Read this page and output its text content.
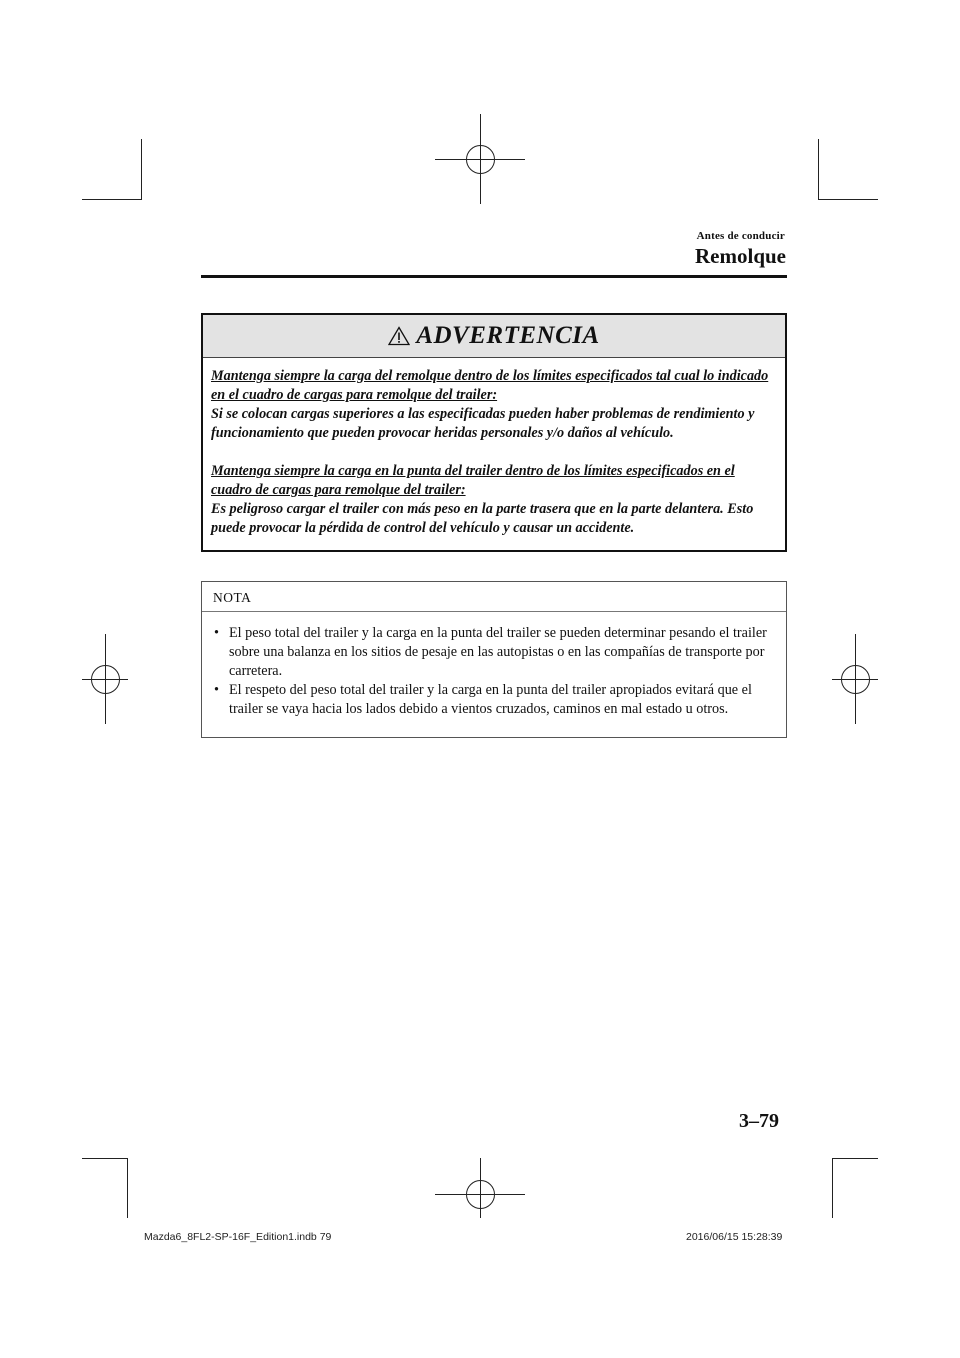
Antes de conducir
Remolque
ADVERTENCIA

Mantenga siempre la carga del remolque dentro de los límites especificados tal cual lo indicado en el cuadro de cargas para remolque del trailer:

Si se colocan cargas superiores a las especificadas pueden haber problemas de rendimiento y funcionamiento que pueden provocar heridas personales y/o daños al vehículo.

Mantenga siempre la carga en la punta del trailer dentro de los límites especificados en el cuadro de cargas para remolque del trailer:

Es peligroso cargar el trailer con más peso en la parte trasera que en la parte delantera. Esto puede provocar la pérdida de control del vehículo y causar un accidente.

NOTA
• El peso total del trailer y la carga en la punta del trailer se pueden determinar pesando el trailer sobre una balanza en los sitios de pesaje en las autopistas o en las compañías de transporte por carretera.
• El respeto del peso total del trailer y la carga en la punta del trailer apropiados evitará que el trailer se vaya hacia los lados debido a vientos cruzados, caminos en mal estado u otros.
3–79
Mazda6_8FL2-SP-16F_Edition1.indb 79	2016/06/15 15:28:39
